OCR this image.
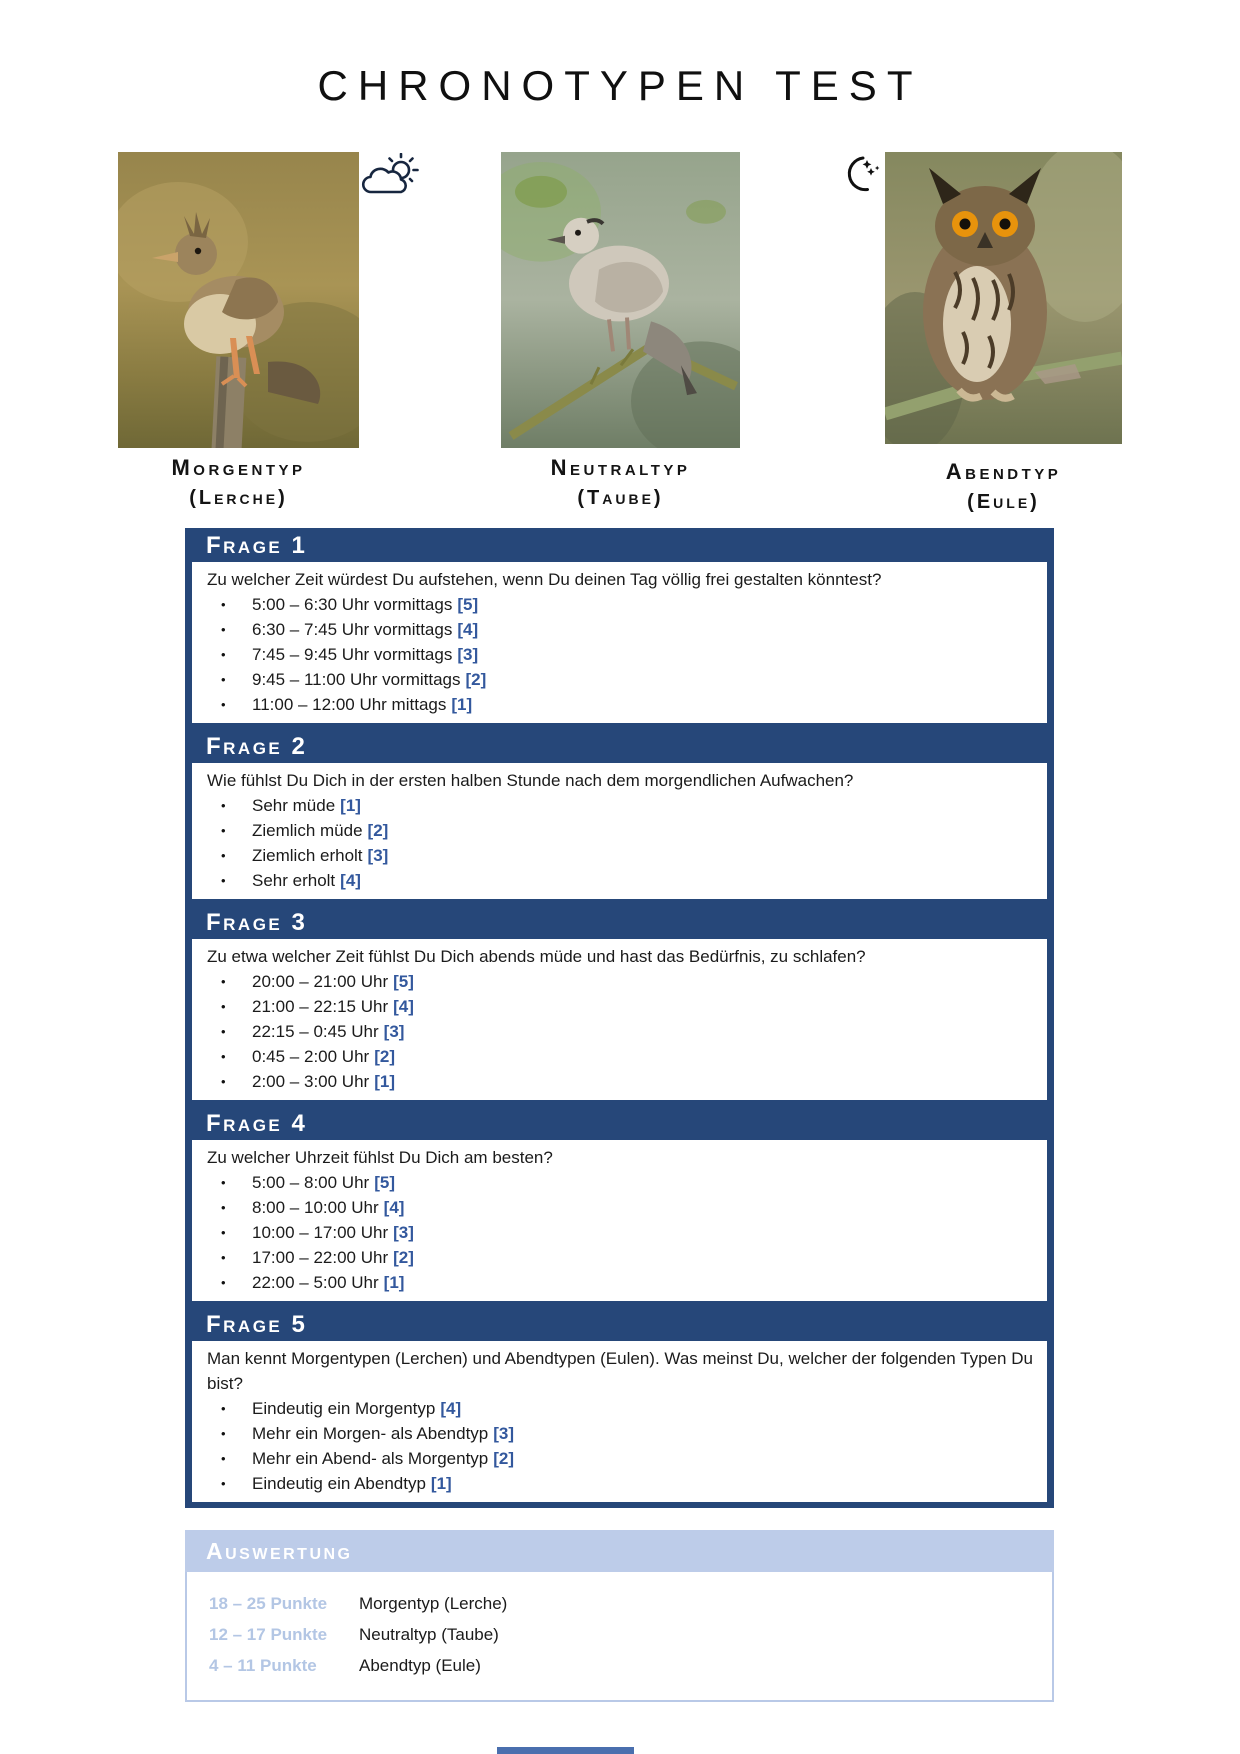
CHRONOTYPEN TEST
Morgentyp
(Lerche)
Neutraltyp
(Taube)
Abendtyp
(Eule)
Frage 1
Zu welcher Zeit würdest Du aufstehen, wenn Du deinen Tag völlig frei gestalten könntest?
•	5:00 – 6:30 Uhr vormittags [5]
•	6:30 – 7:45 Uhr vormittags [4]
•	7:45 – 9:45 Uhr vormittags [3]
•	9:45 – 11:00 Uhr vormittags [2]
•	11:00 – 12:00 Uhr mittags [1]
Frage 2
Wie fühlst Du Dich in der ersten halben Stunde nach dem morgendlichen Aufwachen?
•	Sehr müde [1]
•	Ziemlich müde [2]
•	Ziemlich erholt [3]
•	Sehr erholt [4]
Frage 3
Zu etwa welcher Zeit fühlst Du Dich abends müde und hast das Bedürfnis, zu schlafen?
•	20:00 – 21:00 Uhr [5]
•	21:00 – 22:15 Uhr [4]
•	22:15 – 0:45 Uhr [3]
•	0:45 – 2:00 Uhr [2]
•	2:00 – 3:00 Uhr [1]
Frage 4
Zu welcher Uhrzeit fühlst Du Dich am besten?
•	5:00 – 8:00 Uhr [5]
•	8:00 – 10:00 Uhr [4]
•	10:00 – 17:00 Uhr [3]
•	17:00 – 22:00 Uhr [2]
•	22:00 – 5:00 Uhr [1]
Frage 5
Man kennt Morgentypen (Lerchen) und Abendtypen (Eulen). Was meinst Du, welcher der folgenden Typen Du bist?
•	Eindeutig ein Morgentyp [4]
•	Mehr ein Morgen- als Abendtyp [3]
•	Mehr ein Abend- als Morgentyp [2]
•	Eindeutig ein Abendtyp [1]
Auswertung
18 – 25 Punkte	Morgentyp (Lerche)
12 – 17 Punkte	Neutraltyp (Taube)
4 – 11 Punkte	Abendtyp (Eule)
